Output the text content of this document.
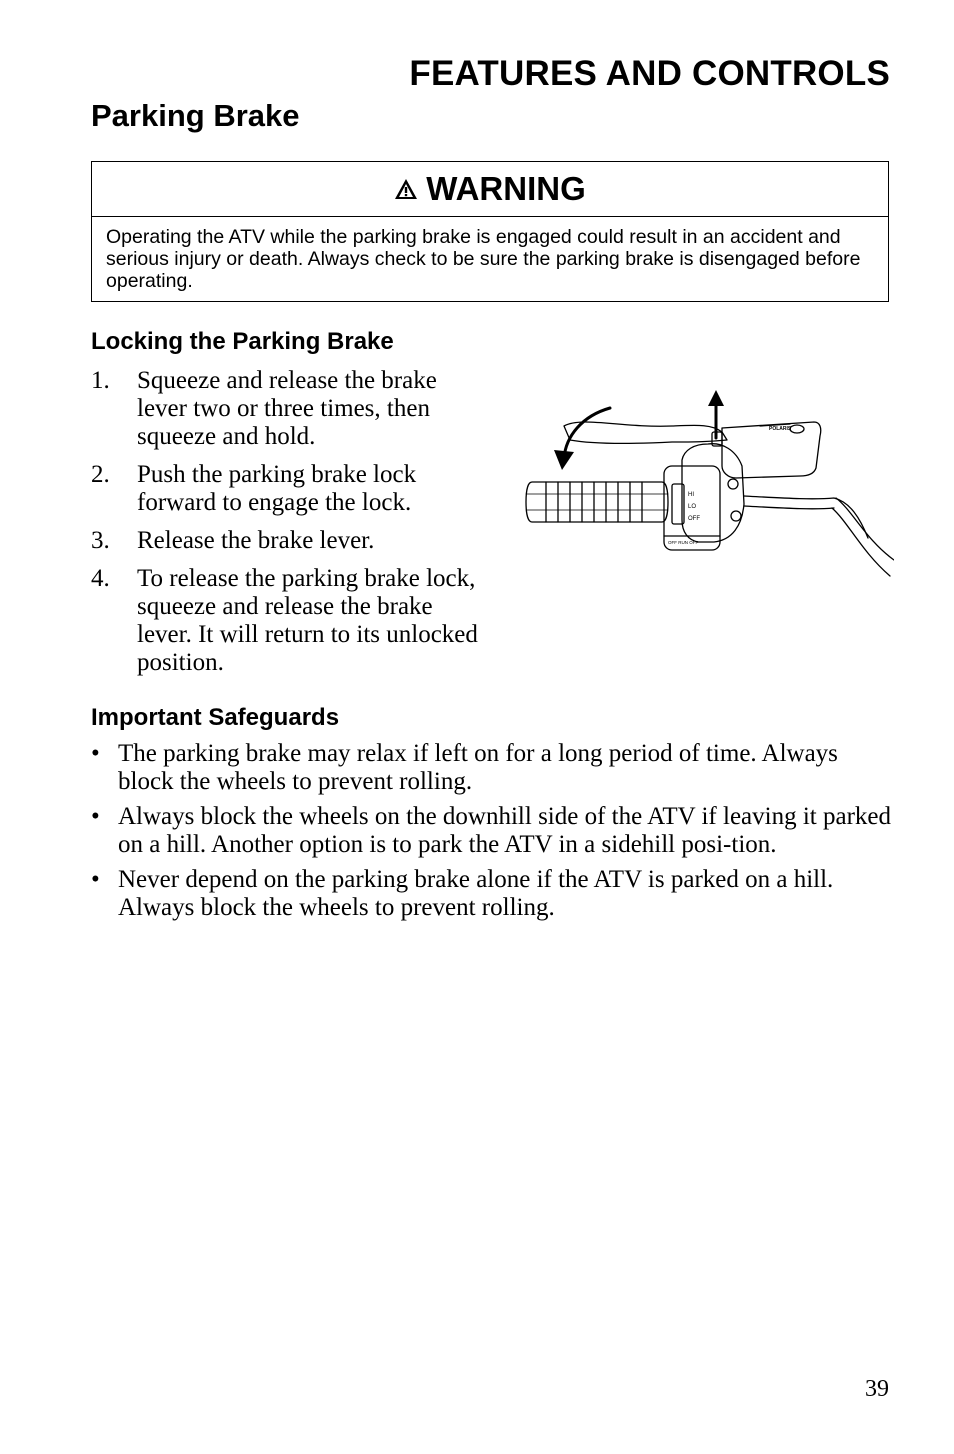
FEATURES AND CONTROLS
Parking Brake
WARNING
Operating the ATV while the parking brake is engaged could result in an accident and serious injury or death. Always check to be sure the parking brake is disengaged before operating.
Locking the Parking Brake
1. Squeeze and release the brake lever two or three times, then squeeze and hold.
2. Push the parking brake lock forward to engage the lock.
3. Release the brake lever.
4. To release the parking brake lock, squeeze and release the brake lever. It will return to its unlocked position.
POLARIS
HI
LO
OFF
OFF RUN OFF
Important Safeguards
• The parking brake may relax if left on for a long period of time. Always block the wheels to prevent rolling.
• Always block the wheels on the downhill side of the ATV if leaving it parked on a hill. Another option is to park the ATV in a sidehill posi-tion.
• Never depend on the parking brake alone if the ATV is parked on a hill. Always block the wheels to prevent rolling.
39
